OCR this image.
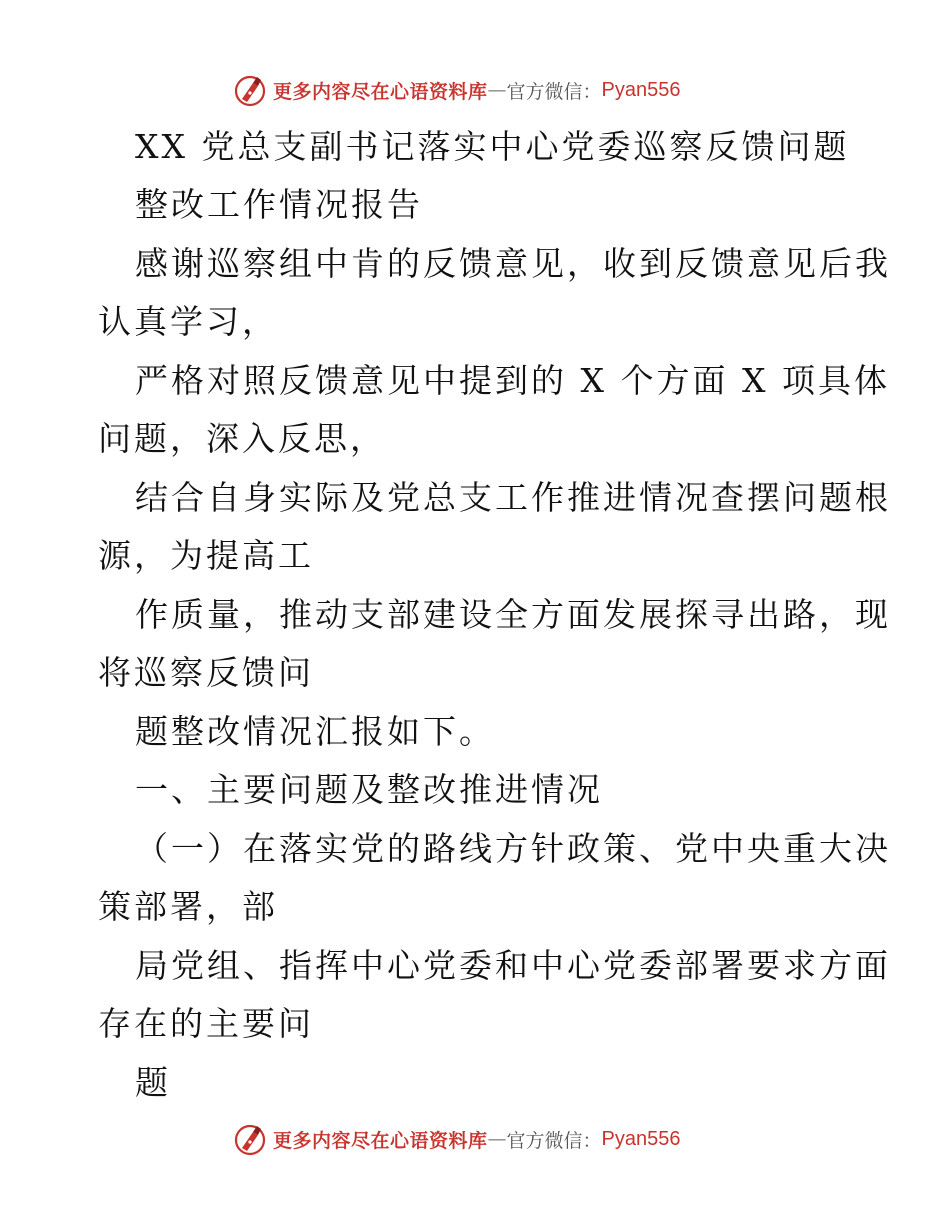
更多内容尽在心语资料库 — 官方微信： Pyan556
XX 党总支副书记落实中心党委巡察反馈问题
整改工作情况报告
感谢巡察组中肯的反馈意见，收到反馈意见后我
认真学习，
严格对照反馈意见中提到的 X 个方面 X 项具体
问题，深入反思，
结合自身实际及党总支工作推进情况查摆问题根
源，为提高工
作质量，推动支部建设全方面发展探寻出路，现
将巡察反馈问
题整改情况汇报如下。
一、主要问题及整改推进情况
（一）在落实党的路线方针政策、党中央重大决
策部署，部
局党组、指挥中心党委和中心党委部署要求方面
存在的主要问
题
更多内容尽在心语资料库 — 官方微信： Pyan556
